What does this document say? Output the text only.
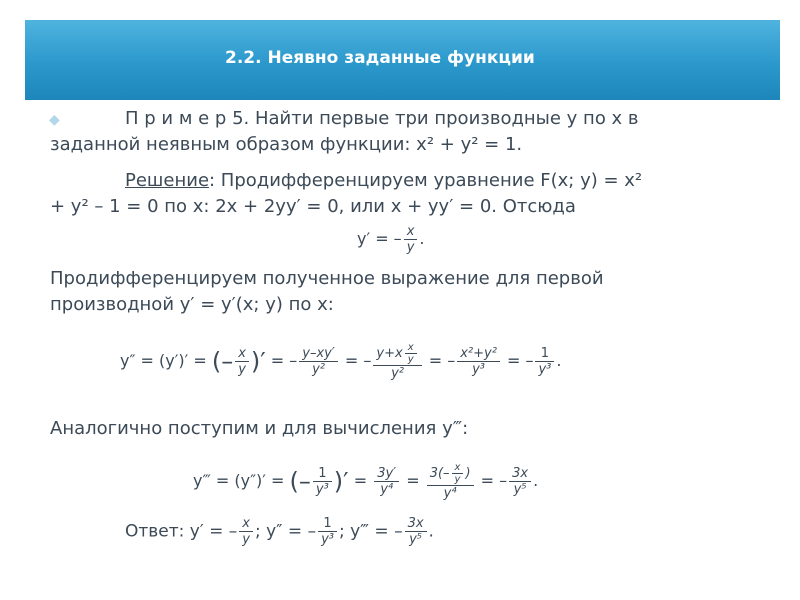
2.2. Неявно заданные функции
◆	П р и м е р 5. Найти первые три производные y по x в
заданной неявным образом функции: x² + y² = 1.
Решение: Продифференцируем уравнение F(x; y) = x²
+ y² – 1 = 0 по x: 2x + 2yy′ = 0, или x + yy′ = 0. Отсюда
y′ = – $\frac{x}{y}$ .
Продифференцируем полученное выражение для первой
производной y′ = y′(x; y) по x:
y″ = (y′)′ = (– $\frac{x}{y}$ )′ = – $\frac{y-xy'}{\text{y²}}$ = – $\frac{y+x \frac{x}{y}}{\text{y²}}$ = – $\frac{\text{x²+y²}}{\text{y³}}$ = – $\frac{1}{\text{y³}}$ .
Аналогично поступим и для вычисления y‴:
y‴ = (y″)′ = (– $\frac{1}{\text{y³}}$ )′ = $\frac{3y'}{\text{y⁴}} = \frac{3(- \frac{x}{y} )}{\text{y⁴}}$ = – $\frac{3x}{\text{y⁵}}$ .
Ответ: y′ = – $\frac{x}{y}$ ; y″ = – $\frac{1}{\text{y³}}$ ; y‴ = – $\frac{3x}{\text{y⁵}}$ .
